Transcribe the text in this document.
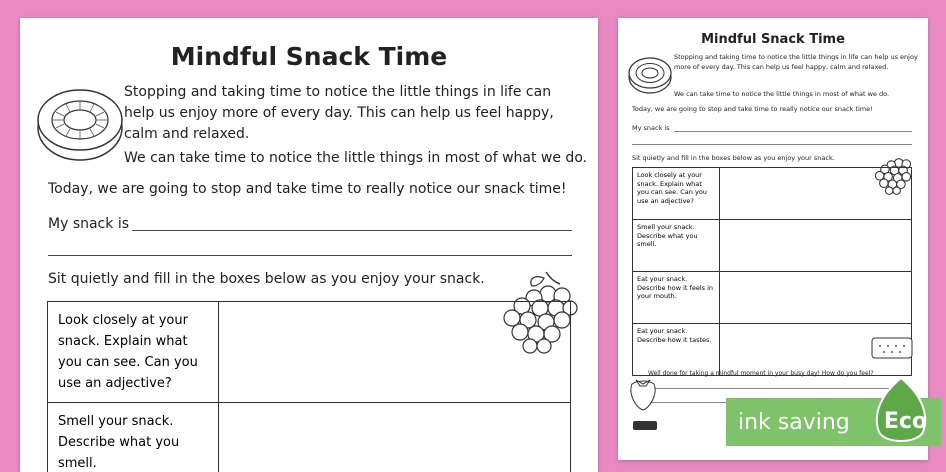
Mindful Snack Time
Stopping and taking time to notice the little things in life can help us enjoy more of every day. This can help us feel happy, calm and relaxed.
We can take time to notice the little things in most of what we do.
Today, we are going to stop and take time to really notice our snack time!
My snack is
Sit quietly and fill in the boxes below as you enjoy your snack.
Look closely at your snack. Explain what you can see. Can you use an adjective?	
Smell your snack. Describe what you smell.	
Mindful Snack Time
Stopping and taking time to notice the little things in life can help us enjoy more of every day. This can help us feel happy, calm and relaxed.
We can take time to notice the little things in most of what we do.
Today, we are going to stop and take time to really notice our snack time!
My snack is
Sit quietly and fill in the boxes below as you enjoy your snack.
Look closely at your snack. Explain what you can see. Can you use an adjective?	
Smell your snack. Describe what you smell.	
Eat your snack. Describe how it feels in your mouth.	
Eat your snack. Describe how it tastes.	
Well done for taking a mindful moment in your busy day! How do you feel?
ink saving Eco
